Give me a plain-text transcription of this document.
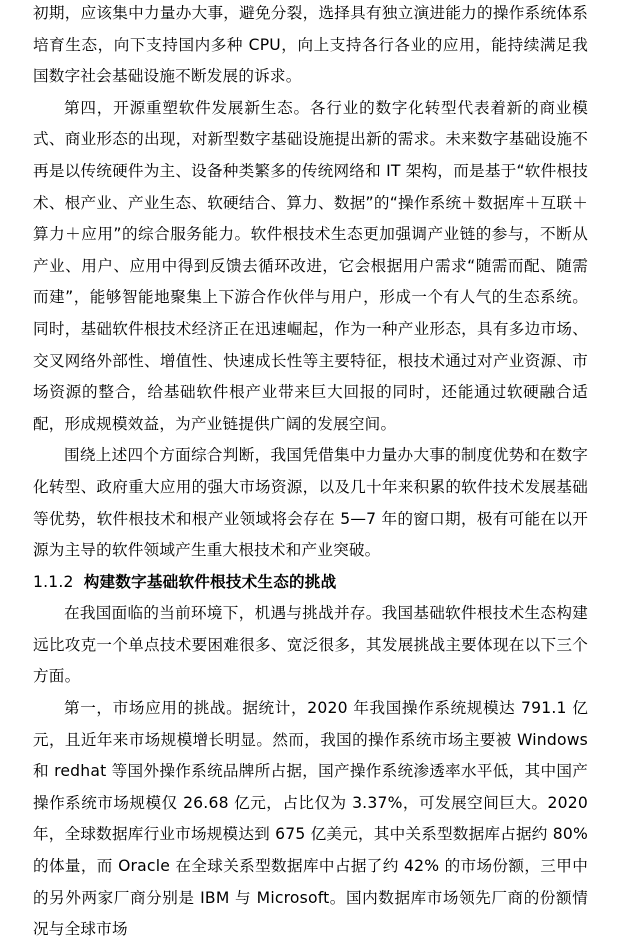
初期，应该集中力量办大事，避免分裂，选择具有独立演进能力的操作系统体系培育生态，向下支持国内多种 CPU，向上支持各行各业的应用，能持续满足我国数字社会基础设施不断发展的诉求。

第四，开源重塑软件发展新生态。各行业的数字化转型代表着新的商业模式、商业形态的出现，对新型数字基础设施提出新的需求。未来数字基础设施不再是以传统硬件为主、设备种类繁多的传统网络和 IT 架构，而是基于“软件根技术、根产业、产业生态、软硬结合、算力、数据”的“操作系统＋数据库＋互联＋算力＋应用”的综合服务能力。软件根技术生态更加强调产业链的参与，不断从产业、用户、应用中得到反馈去循环改进，它会根据用户需求“随需而配、随需而建”，能够智能地聚集上下游合作伙伴与用户，形成一个有人气的生态系统。同时，基础软件根技术经济正在迅速崛起，作为一种产业形态，具有多边市场、交叉网络外部性、增值性、快速成长性等主要特征，根技术通过对产业资源、市场资源的整合，给基础软件根产业带来巨大回报的同时，还能通过软硬融合适配，形成规模效益，为产业链提供广阔的发展空间。

围绕上述四个方面综合判断，我国凭借集中力量办大事的制度优势和在数字化转型、政府重大应用的强大市场资源，以及几十年来积累的软件技术发展基础等优势，软件根技术和根产业领域将会存在 5—7 年的窗口期，极有可能在以开源为主导的软件领域产生重大根技术和产业突破。

1.1.2 构建数字基础软件根技术生态的挑战

在我国面临的当前环境下，机遇与挑战并存。我国基础软件根技术生态构建远比攻克一个单点技术要困难很多、宽泛很多，其发展挑战主要体现在以下三个方面。

第一，市场应用的挑战。据统计，2020 年我国操作系统规模达 791.1 亿元，且近年来市场规模增长明显。然而，我国的操作系统市场主要被 Windows 和 redhat 等国外操作系统品牌所占据，国产操作系统渗透率水平低，其中国产操作系统市场规模仅 26.68 亿元，占比仅为 3.37%，可发展空间巨大。2020 年，全球数据库行业市场规模达到 675 亿美元，其中关系型数据库占据约 80% 的体量，而 Oracle 在全球关系型数据库中占据了约 42% 的市场份额，三甲中的另外两家厂商分别是 IBM 与 Microsoft。国内数据库市场领先厂商的份额情况与全球市场
